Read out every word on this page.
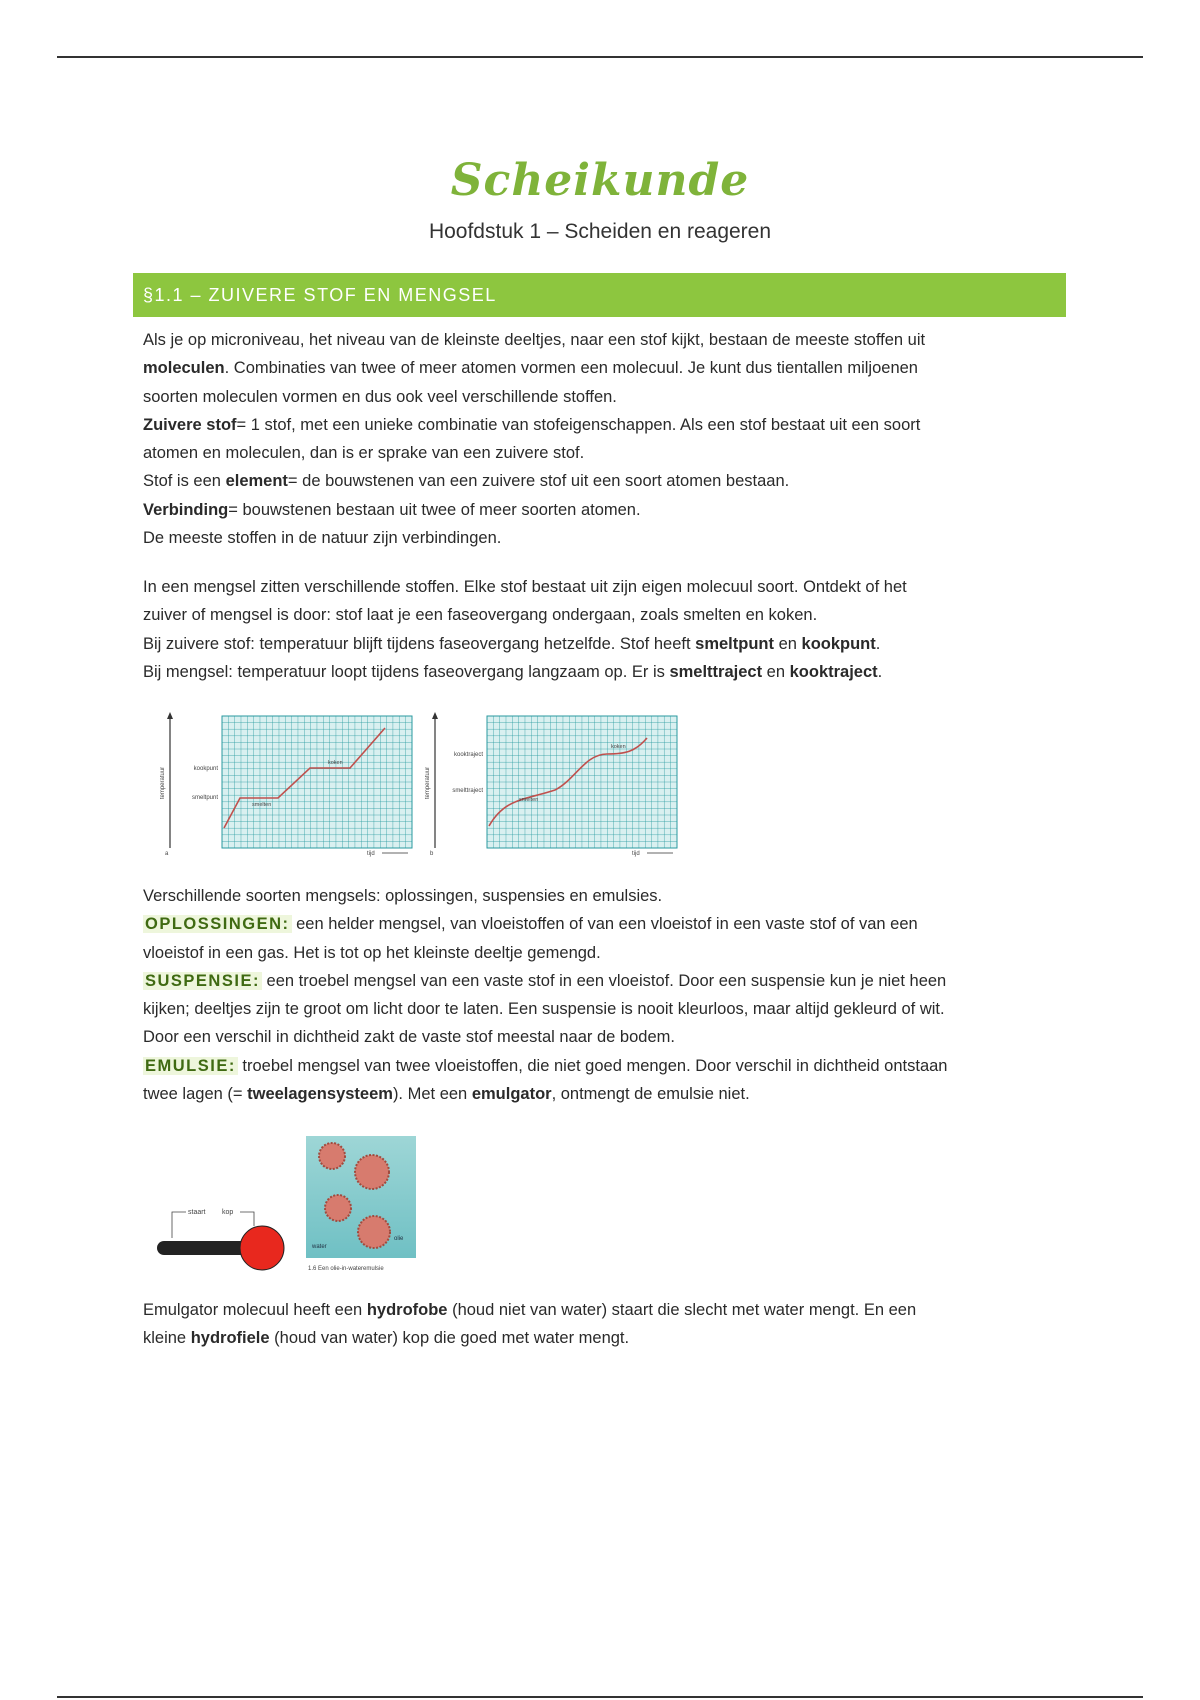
Scheikunde
Hoofdstuk 1 – Scheiden en reageren
§1.1 – ZUIVERE STOF EN MENGSEL

Als je op microniveau, het niveau van de kleinste deeltjes, naar een stof kijkt, bestaan de meeste stoffen uit

moleculen. Combinaties van twee of meer atomen vormen een molecuul. Je kunt dus tientallen miljoenen

soorten moleculen vormen en dus ook veel verschillende stoffen.

Zuivere stof= 1 stof, met een unieke combinatie van stofeigenschappen. Als een stof bestaat uit een soort

atomen en moleculen, dan is er sprake van een zuivere stof.

Stof is een element= de bouwstenen van een zuivere stof uit een soort atomen bestaan.

Verbinding= bouwstenen bestaan uit twee of meer soorten atomen.

De meeste stoffen in de natuur zijn verbindingen.

In een mengsel zitten verschillende stoffen. Elke stof bestaat uit zijn eigen molecuul soort. Ontdekt of het

zuiver of mengsel is door: stof laat je een faseovergang ondergaan, zoals smelten en koken.

Bij zuivere stof: temperatuur blijft tijdens faseovergang hetzelfde. Stof heeft smeltpunt en kookpunt.

Bij mengsel: temperatuur loopt tijdens faseovergang langzaam op. Er is smelttraject en kooktraject.

temperatuur	kookpunt
smeltpunt
smelten
koken
a	tijd
temperatuur
kooktraject
smelttraject
smelten
koken
b	tijd

Verschillende soorten mengsels: oplossingen, suspensies en emulsies.

OPLOSSINGEN: een helder mengsel, van vloeistoffen of van een vloeistof in een vaste stof of van een

vloeistof in een gas. Het is tot op het kleinste deeltje gemengd.

SUSPENSIE: een troebel mengsel van een vaste stof in een vloeistof. Door een suspensie kun je niet heen

kijken; deeltjes zijn te groot om licht door te laten. Een suspensie is nooit kleurloos, maar altijd gekleurd of wit.

Door een verschil in dichtheid zakt de vaste stof meestal naar de bodem.

EMULSIE: troebel mengsel van twee vloeistoffen, die niet goed mengen. Door verschil in dichtheid ontstaan

twee lagen (= tweelagensysteem). Met een emulgator, ontmengt de emulsie niet.

staart kop
water
olie
1.6 Een olie-in-wateremulsie

Emulgator molecuul heeft een hydrofobe (houd niet van water) staart die slecht met water mengt. En een

kleine hydrofiele (houd van water) kop die goed met water mengt.
